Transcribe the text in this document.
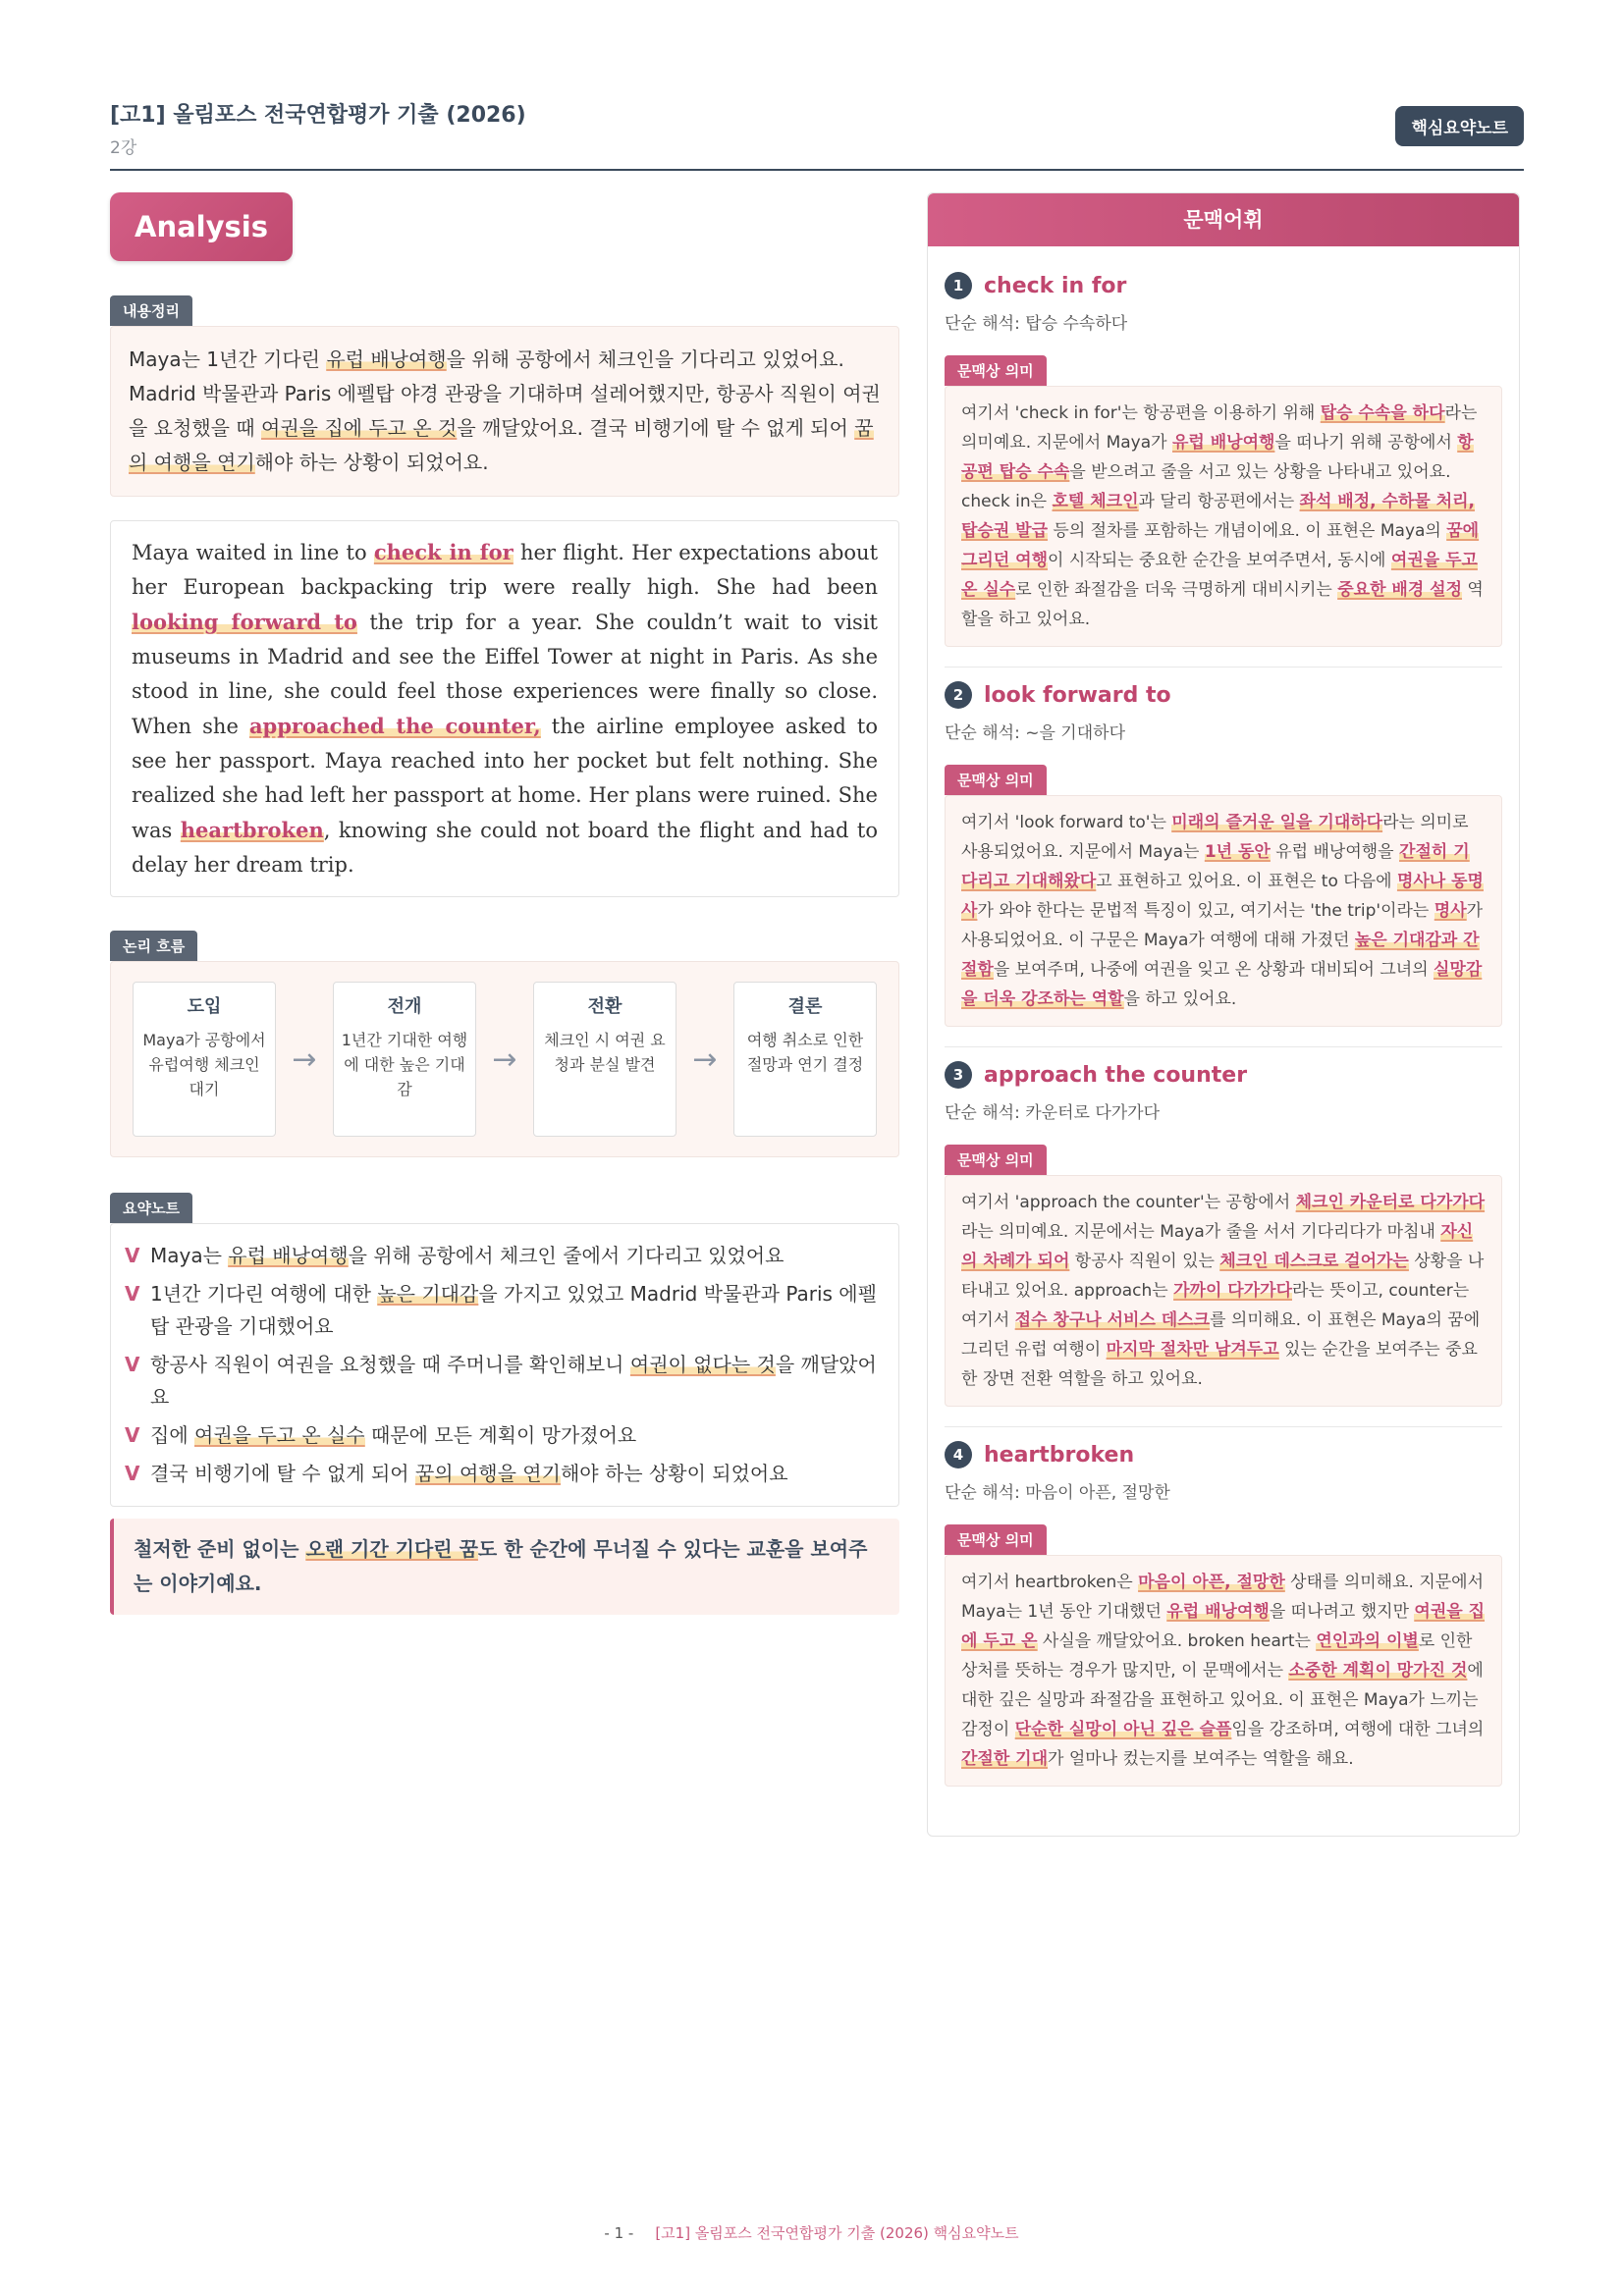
[고1] 올림포스 전국연합평가 기출 (2026)
2강
핵심요약노트
Analysis
내용정리
Maya는 1년간 기다린 유럽 배낭여행을 위해 공항에서 체크인을 기다리고 있었어요. Madrid 박물관과 Paris 에펠탑 야경 관광을 기대하며 설레어했지만, 항공사 직원이 여권을 요청했을 때 여권을 집에 두고 온 것을 깨달았어요. 결국 비행기에 탈 수 없게 되어 꿈의 여행을 연기해야 하는 상황이 되었어요.
Maya waited in line to check in for her flight. Her expectations about her European backpacking trip were really high. She had been looking forward to the trip for a year. She couldn’t wait to visit museums in Madrid and see the Eiffel Tower at night in Paris. As she stood in line, she could feel those experiences were finally so close. When she approached the counter, the airline employee asked to see her passport. Maya reached into her pocket but felt nothing. She realized she had left her passport at home. Her plans were ruined. She was heartbroken, knowing she could not board the flight and had to delay her dream trip.
논리 흐름
도입
Maya가 공항에서 유럽여행 체크인 대기
→
전개
1년간 기대한 여행에 대한 높은 기대감
→
전환
체크인 시 여권 요청과 분실 발견	→
결론
여행 취소로 인한 절망과 연기 결정
요약노트
V Maya는 유럽 배낭여행을 위해 공항에서 체크인 줄에서 기다리고 있었어요
V 1년간 기다린 여행에 대한 높은 기대감을 가지고 있었고 Madrid 박물관과 Paris 에펠탑 관광을 기대했어요
V 항공사 직원이 여권을 요청했을 때 주머니를 확인해보니 여권이 없다는 것을 깨달았어요
V 집에 여권을 두고 온 실수 때문에 모든 계획이 망가졌어요
V 결국 비행기에 탈 수 없게 되어 꿈의 여행을 연기해야 하는 상황이 되었어요
철저한 준비 없이는 오랜 기간 기다린 꿈도 한 순간에 무너질 수 있다는 교훈을 보여주는 이야기예요.
문맥어휘
1 check in for
단순 해석: 탑승 수속하다
문맥상 의미
여기서 'check in for'는 항공편을 이용하기 위해 탑승 수속을 하다라는 의미예요. 지문에서 Maya가 유럽 배낭여행을 떠나기 위해 공항에서 항공편 탑승 수속을 받으려고 줄을 서고 있는 상황을 나타내고 있어요. check in은 호텔 체크인과 달리 항공편에서는 좌석 배정, 수하물 처리, 탑승권 발급 등의 절차를 포함하는 개념이에요. 이 표현은 Maya의 꿈에 그리던 여행이 시작되는 중요한 순간을 보여주면서, 동시에 여권을 두고 온 실수로 인한 좌절감을 더욱 극명하게 대비시키는 중요한 배경 설정 역할을 하고 있어요.
2 look forward to
단순 해석: ~을 기대하다
문맥상 의미
여기서 'look forward to'는 미래의 즐거운 일을 기대하다라는 의미로 사용되었어요. 지문에서 Maya는 1년 동안 유럽 배낭여행을 간절히 기다리고 기대해왔다고 표현하고 있어요. 이 표현은 to 다음에 명사나 동명사가 와야 한다는 문법적 특징이 있고, 여기서는 'the trip'이라는 명사가 사용되었어요. 이 구문은 Maya가 여행에 대해 가졌던 높은 기대감과 간절함을 보여주며, 나중에 여권을 잊고 온 상황과 대비되어 그녀의 실망감을 더욱 강조하는 역할을 하고 있어요.
3 approach the counter
단순 해석: 카운터로 다가가다
문맥상 의미
여기서 'approach the counter'는 공항에서 체크인 카운터로 다가가다라는 의미예요. 지문에서는 Maya가 줄을 서서 기다리다가 마침내 자신의 차례가 되어 항공사 직원이 있는 체크인 데스크로 걸어가는 상황을 나타내고 있어요. approach는 가까이 다가가다라는 뜻이고, counter는 여기서 접수 창구나 서비스 데스크를 의미해요. 이 표현은 Maya의 꿈에 그리던 유럽 여행이 마지막 절차만 남겨두고 있는 순간을 보여주는 중요한 장면 전환 역할을 하고 있어요.
4 heartbroken
단순 해석: 마음이 아픈, 절망한
문맥상 의미
여기서 heartbroken은 마음이 아픈, 절망한 상태를 의미해요. 지문에서 Maya는 1년 동안 기대했던 유럽 배낭여행을 떠나려고 했지만 여권을 집에 두고 온 사실을 깨달았어요. broken heart는 연인과의 이별로 인한 상처를 뜻하는 경우가 많지만, 이 문맥에서는 소중한 계획이 망가진 것에 대한 깊은 실망과 좌절감을 표현하고 있어요. 이 표현은 Maya가 느끼는 감정이 단순한 실망이 아닌 깊은 슬픔임을 강조하며, 여행에 대한 그녀의 간절한 기대가 얼마나 컸는지를 보여주는 역할을 해요.
- 1 - [고1] 올림포스 전국연합평가 기출 (2026) 핵심요약노트
